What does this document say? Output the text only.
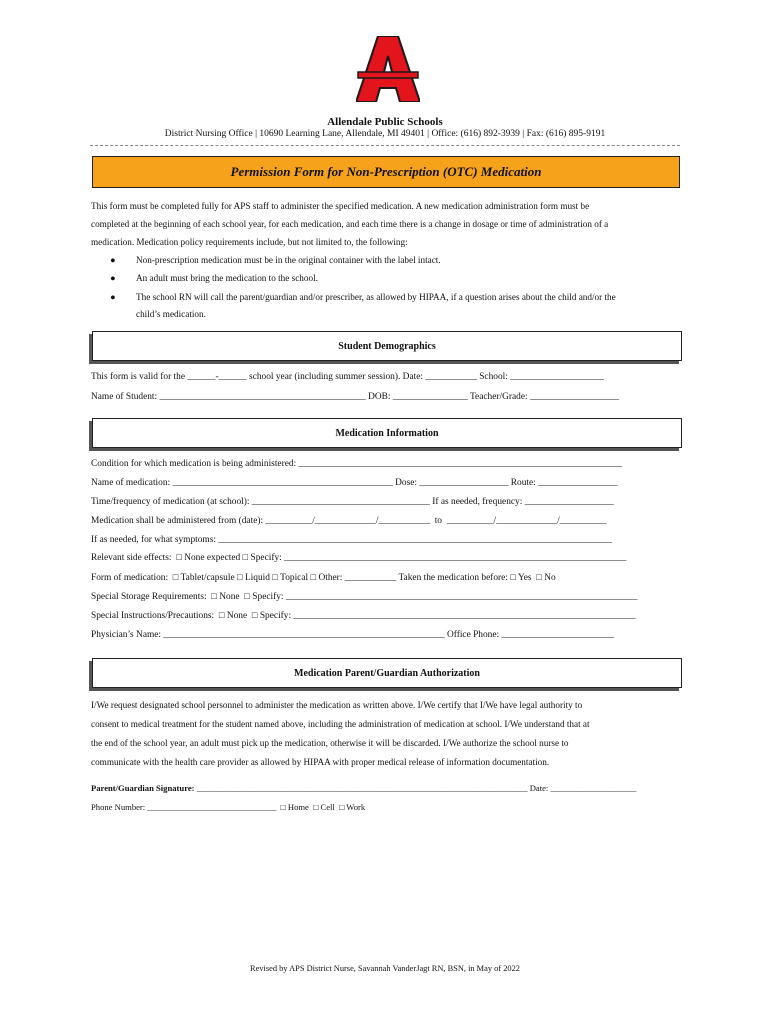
Allendale Public Schools
District Nursing Office | 10690 Learning Lane, Allendale, MI 49401 | Office: (616) 892-3939 | Fax: (616) 895-9191
Permission Form for Non-Prescription (OTC) Medication
This form must be completed fully for APS staff to administer the specified medication. A new medication administration form must be
completed at the beginning of each school year, for each medication, and each time there is a change in dosage or time of administration of a
medication. Medication policy requirements include, but not limited to, the following:
● Non-prescription medication must be in the original container with the label intact.
● An adult must bring the medication to the school.
● The school RN will call the parent/guardian and/or prescriber, as allowed by HIPAA, if a question arises about the child and/or the
child’s medication.
Student Demographics
This form is valid for the ______-______ school year (including summer session). Date: ___________ School: ____________________
Name of Student: ____________________________________________ DOB: ________________ Teacher/Grade: ___________________
Medication Information
Condition for which medication is being administered: _____________________________________________________________________
Name of medication: _______________________________________________ Dose: ___________________ Route: _________________
Time/frequency of medication (at school): ______________________________________ If as needed, frequency: ___________________
Medication shall be administered from (date): __________/_____________/___________  to  __________/_____________/__________
If as needed, for what symptoms: ____________________________________________________________________________________
Relevant side effects:  □ None expected □ Specify: _________________________________________________________________________
Form of medication:  □ Tablet/capsule □ Liquid □ Topical □ Other: ___________ Taken the medication before: □ Yes  □ No
Special Storage Requirements:  □ None  □ Specify: ___________________________________________________________________________
Special Instructions/Precautions:  □ None  □ Specify: _________________________________________________________________________
Physician’s Name: ____________________________________________________________ Office Phone: ________________________
Medication Parent/Guardian Authorization
I/We request designated school personnel to administer the medication as written above. I/We certify that I/We have legal authority to
consent to medical treatment for the student named above, including the administration of medication at school. I/We understand that at
the end of the school year, an adult must pick up the medication, otherwise it will be discarded. I/We authorize the school nurse to
communicate with the health care provider as allowed by HIPAA with proper medical release of information documentation.
Parent/Guardian Signature: _____________________________________________________________________________ Date: ____________________
Phone Number: ______________________________  □ Home  □ Cell  □ Work
Revised by APS District Nurse, Savannah VanderJagt RN, BSN, in May of 2022
